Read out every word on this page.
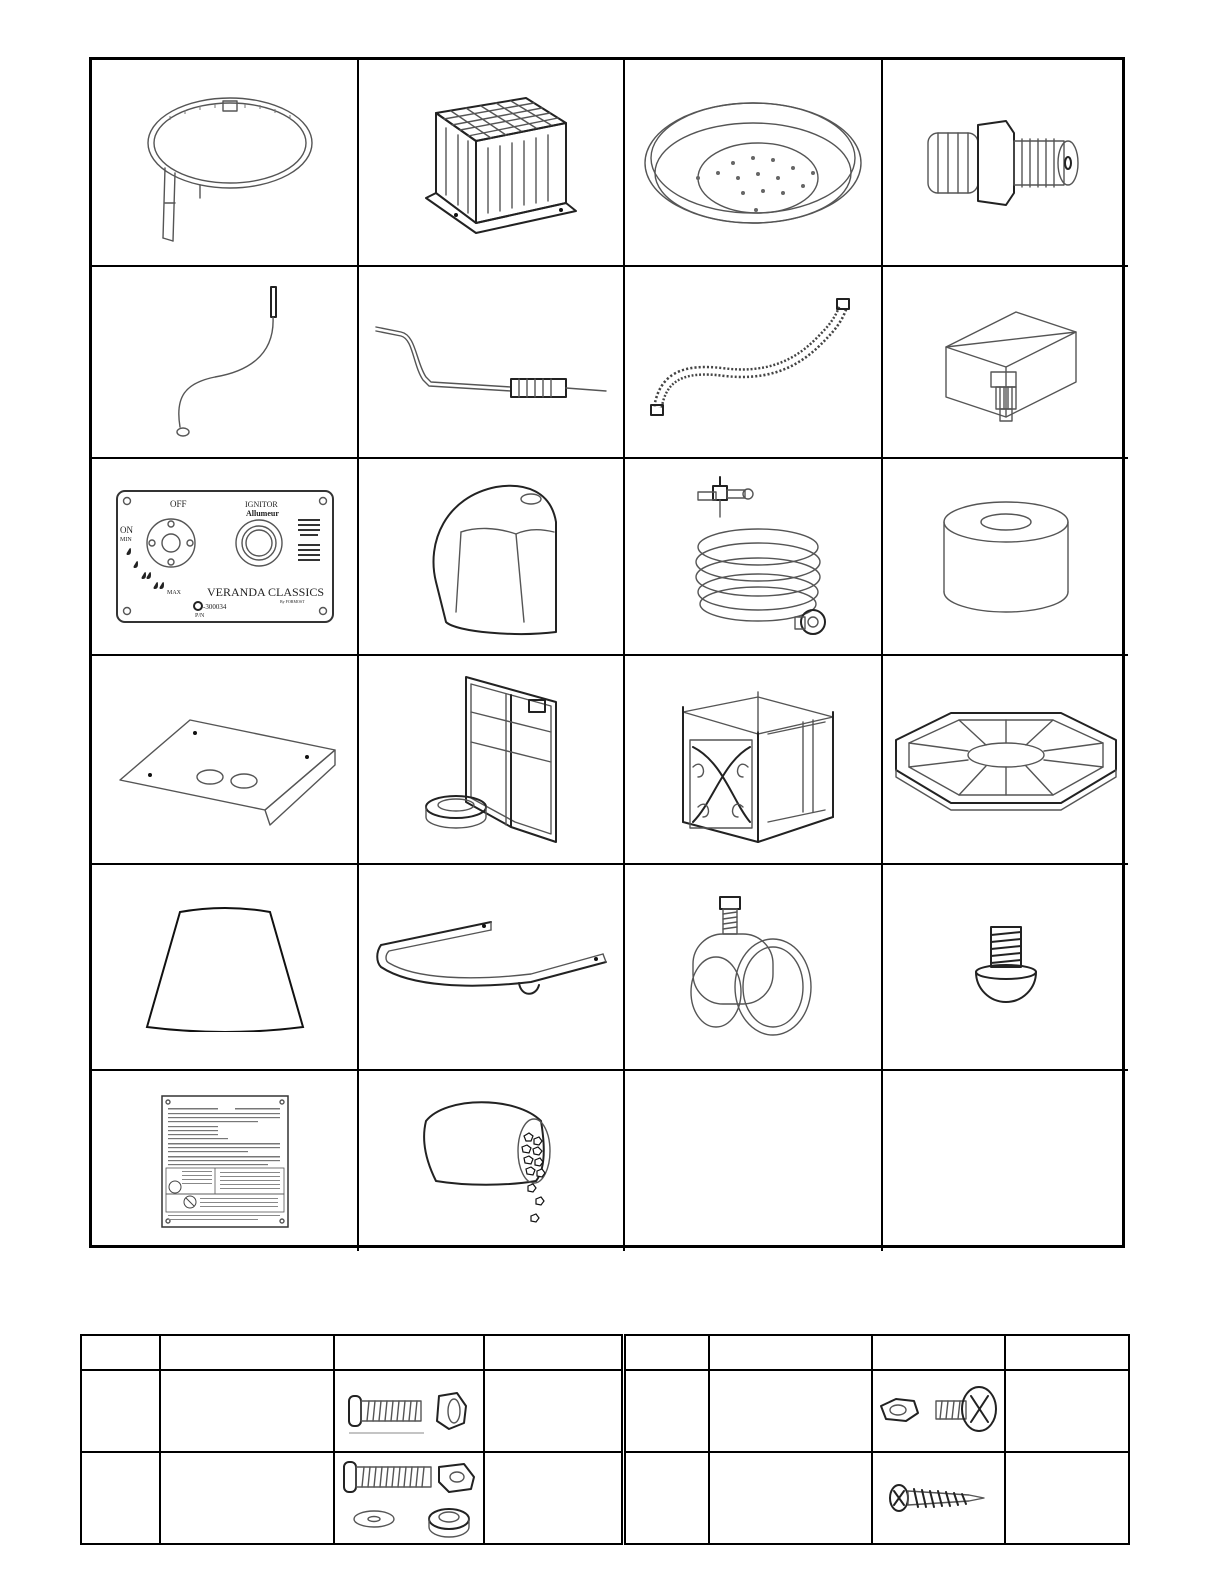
OFF
ON
MIN
MAX
IGNITOR
Allumeur
VERANDA CLASSICS
By FORMOST
-300034
P/N
